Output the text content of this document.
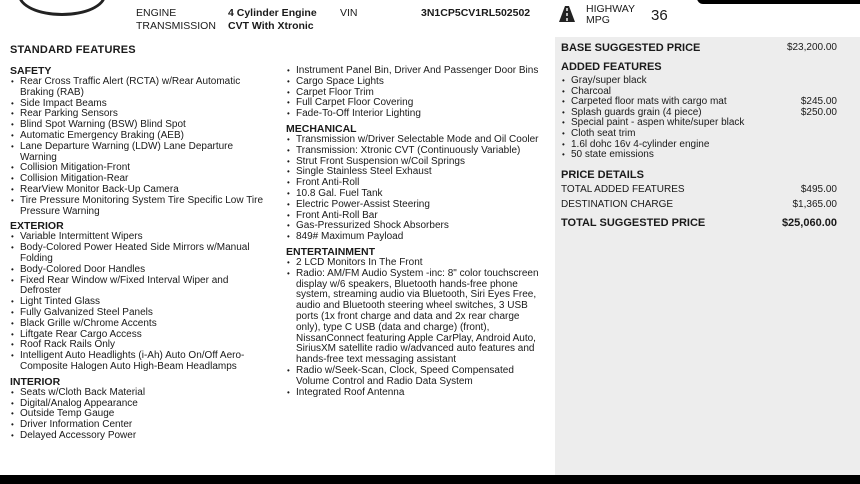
ENGINE	4 Cylinder Engine
TRANSMISSION CVT With Xtronic
VIN	3N1CP5CV1RL502502	HIGHWAY MPG	36
STANDARD FEATURES
SAFETY
• Rear Cross Traffic Alert (RCTA) w/Rear Automatic Braking (RAB)
• Side Impact Beams
• Rear Parking Sensors
• Blind Spot Warning (BSW) Blind Spot
• Automatic Emergency Braking (AEB)
• Lane Departure Warning (LDW) Lane Departure Warning
• Collision Mitigation-Front
• Collision Mitigation-Rear
• RearView Monitor Back-Up Camera
• Tire Pressure Monitoring System Tire Specific Low Tire Pressure Warning
EXTERIOR
• Variable Intermittent Wipers
• Body-Colored Power Heated Side Mirrors w/Manual Folding
• Body-Colored Door Handles
• Fixed Rear Window w/Fixed Interval Wiper and Defroster
• Light Tinted Glass
• Fully Galvanized Steel Panels
• Black Grille w/Chrome Accents
• Liftgate Rear Cargo Access
• Roof Rack Rails Only
• Intelligent Auto Headlights (i-Ah) Auto On/Off Aero-Composite Halogen Auto High-Beam Headlamps
INTERIOR
• Seats w/Cloth Back Material
• Digital/Analog Appearance
• Outside Temp Gauge
• Driver Information Center
• Delayed Accessory Power
• Instrument Panel Bin, Driver And Passenger Door Bins
• Cargo Space Lights
• Carpet Floor Trim
• Full Carpet Floor Covering
• Fade-To-Off Interior Lighting
MECHANICAL
• Transmission w/Driver Selectable Mode and Oil Cooler
• Transmission: Xtronic CVT (Continuously Variable)
• Strut Front Suspension w/Coil Springs
• Single Stainless Steel Exhaust
• Front Anti-Roll
• 10.8 Gal. Fuel Tank
• Electric Power-Assist Steering
• Front Anti-Roll Bar
• Gas-Pressurized Shock Absorbers
• 849# Maximum Payload
ENTERTAINMENT
• 2 LCD Monitors In The Front
• Radio: AM/FM Audio System -inc: 8" color touchscreen display w/6 speakers, Bluetooth hands-free phone system, streaming audio via Bluetooth, Siri Eyes Free, audio and Bluetooth steering wheel switches, 3 USB ports (1x front charge and data and 2x rear charge only), type C USB (data and charge) (front), NissanConnect featuring Apple CarPlay, Android Auto, SiriusXM satellite radio w/advanced auto features and hands-free text messaging assistant
• Radio w/Seek-Scan, Clock, Speed Compensated Volume Control and Radio Data System
• Integrated Roof Antenna
BASE SUGGESTED PRICE	$23,200.00
ADDED FEATURES
• Gray/super black
• Charcoal
• Carpeted floor mats with cargo mat	$245.00
• Splash guards grain (4 piece)	$250.00
• Special paint - aspen white/super black
• Cloth seat trim
• 1.6l dohc 16v 4-cylinder engine
• 50 state emissions
PRICE DETAILS
TOTAL ADDED FEATURES	$495.00
DESTINATION CHARGE	$1,365.00
TOTAL SUGGESTED PRICE	$25,060.00
